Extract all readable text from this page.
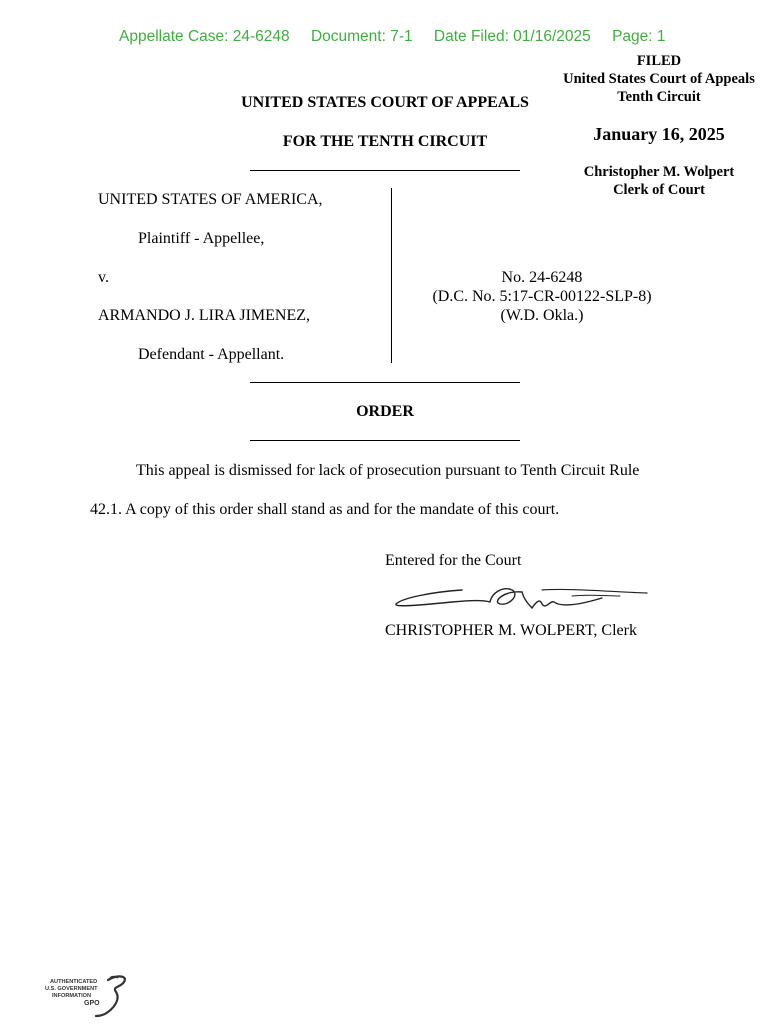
Appellate Case: 24-6248 Document: 7-1 Date Filed: 01/16/2025 Page: 1
FILED
United States Court of Appeals
Tenth Circuit
January 16, 2025
Christopher M. Wolpert
Clerk of Court
UNITED STATES COURT OF APPEALS
FOR THE TENTH CIRCUIT
UNITED STATES OF AMERICA,
Plaintiff - Appellee,
v.
ARMANDO J. LIRA JIMENEZ,
Defendant - Appellant.
No. 24-6248
(D.C. No. 5:17-CR-00122-SLP-8)
(W.D. Okla.)
ORDER
This appeal is dismissed for lack of prosecution pursuant to Tenth Circuit Rule
42.1. A copy of this order shall stand as and for the mandate of this court.
Entered for the Court
CHRISTOPHER M. WOLPERT, Clerk
AUTHENTICATED
U.S. GOVERNMENT
INFORMATION
GPO
